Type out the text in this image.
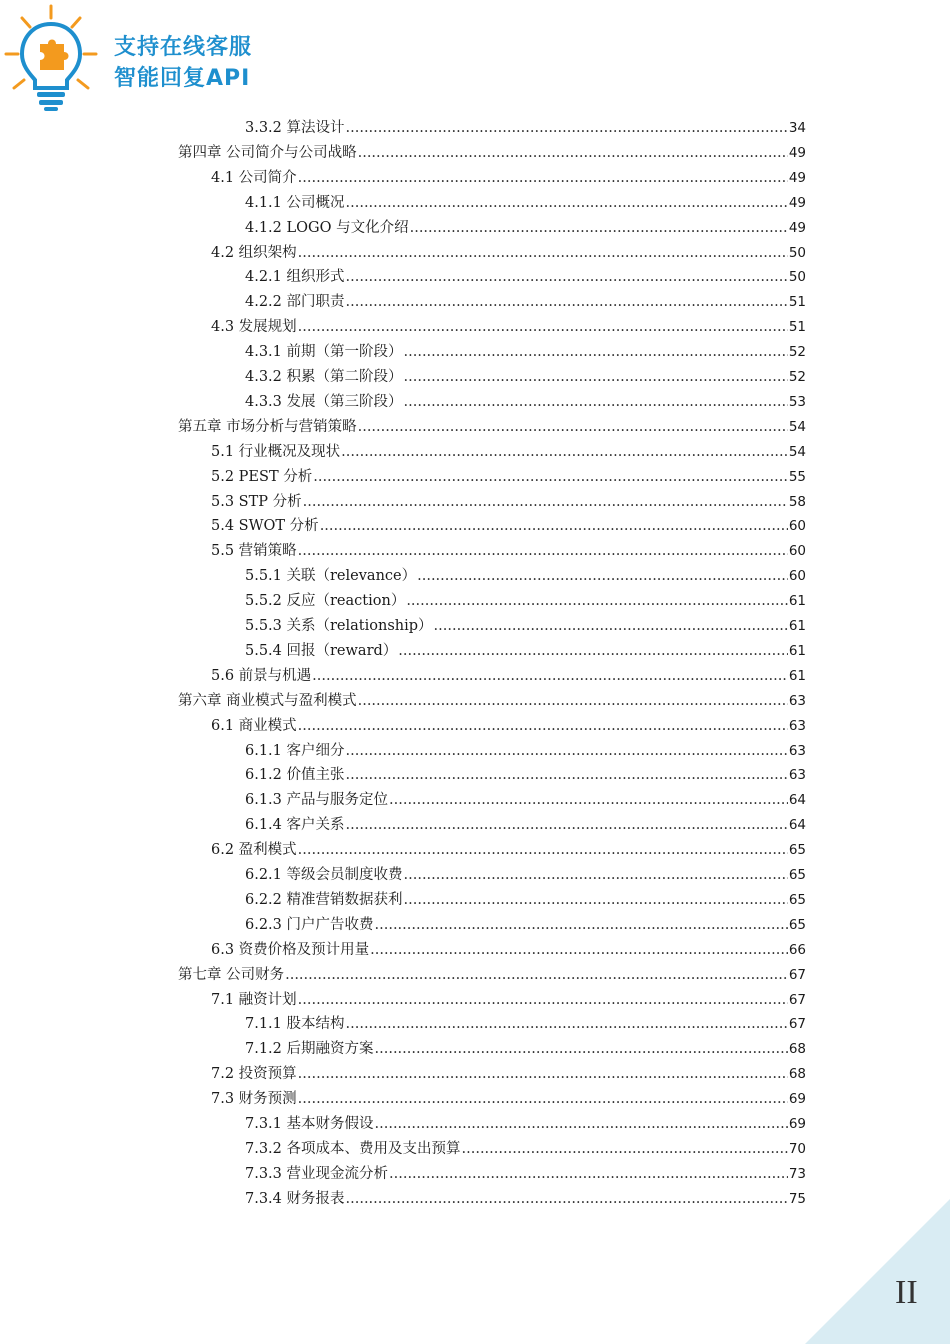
支持在线客服
智能回复API
3.3.2 算法设计 .....	34
第四章 公司简介与公司战略 .....	49
4.1 公司简介 .....	49
4.1.1 公司概况 .....	49
4.1.2 LOGO 与文化介绍 .....	49
4.2 组织架构 .....	50
4.2.1 组织形式 .....	50
4.2.2 部门职责 .....	51
4.3 发展规划 .....	51
4.3.1 前期（第一阶段） .....	52
4.3.2 积累（第二阶段） .....	52
4.3.3 发展（第三阶段） .....	53
第五章 市场分析与营销策略 .....	54
5.1 行业概况及现状 .....	54
5.2 PEST 分析 .....	55
5.3 STP 分析 .....	58
5.4 SWOT 分析 .....	60
5.5 营销策略 .....	60
5.5.1 关联（relevance） .....	60
5.5.2 反应（reaction） .....	61
5.5.3 关系（relationship） .....	61
5.5.4 回报（reward） .....	61
5.6 前景与机遇 .....	61
第六章 商业模式与盈利模式 .....	63
6.1 商业模式 .....	63
6.1.1 客户细分 .....	63
6.1.2 价值主张 .....	63
6.1.3 产品与服务定位 .....	64
6.1.4 客户关系 .....	64
6.2 盈利模式 .....	65
6.2.1 等级会员制度收费 .....	65
6.2.2 精准营销数据获利 .....	65
6.2.3 门户广告收费 .....	65
6.3 资费价格及预计用量 .....	66
第七章 公司财务 .....	67
7.1 融资计划 .....	67
7.1.1 股本结构 .....	67
7.1.2 后期融资方案 .....	68
7.2 投资预算 .....	68
7.3 财务预测 .....	69
7.3.1 基本财务假设 .....	69
7.3.2 各项成本、费用及支出预算 .....	70
7.3.3 营业现金流分析 .....	73
7.3.4 财务报表 .....	75
II
